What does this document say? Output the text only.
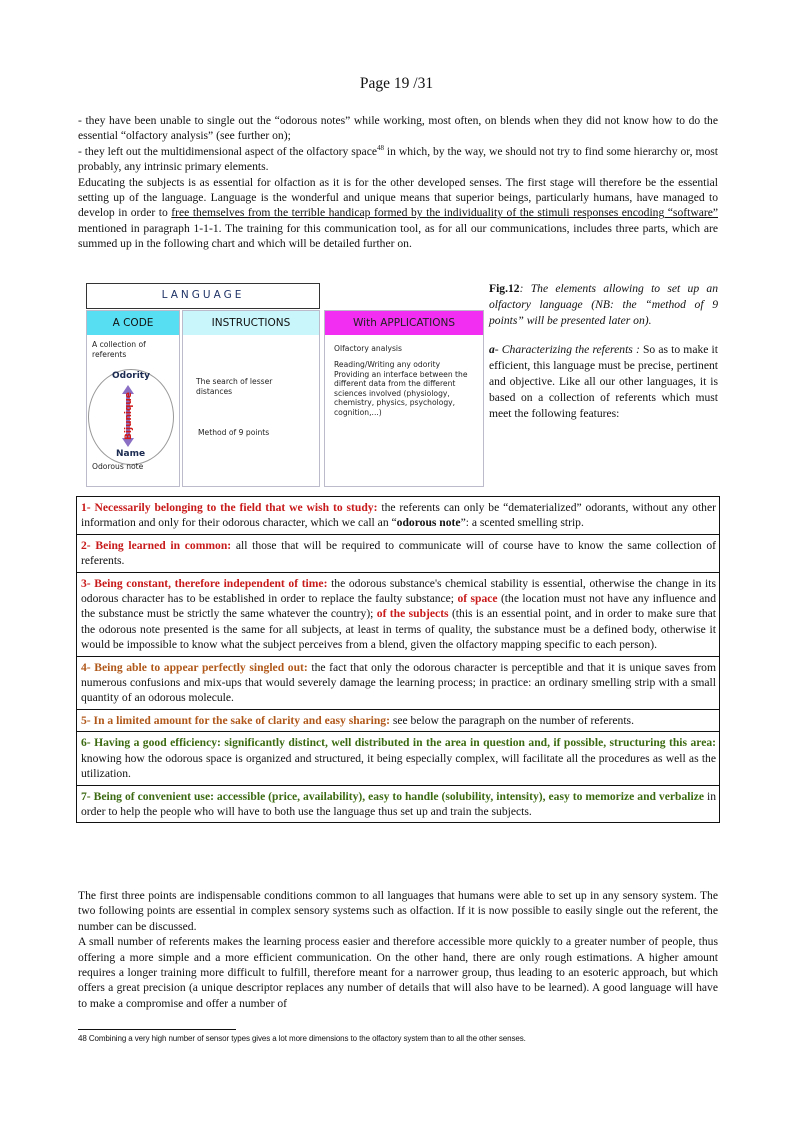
Page 19 /31
- they have been unable to single out the “odorous notes” while working, most often, on blends when they did not know how to do the essential “olfactory analysis” (see further on);
- they left out the multidimensional aspect of the olfactory space$^{48}$ in which, by the way, we should not try to find some hierarchy or, most probably, any intrinsic primary elements.
Educating the subjects is as essential for olfaction as it is for the other developed senses. The first stage will therefore be the essential setting up of the language. Language is the wonderful and unique means that superior beings, particularly humans, have managed to develop in order to free themselves from the terrible handicap formed by the individuality of the stimuli responses encoding “software” mentioned in paragraph 1-1-1. The training for this communication tool, as for all our communications, includes three parts, which are summed up in the following chart and which will be detailed further on.
LANGUAGE
A CODE	INSTRUCTIONS	With APPLICATIONS
A collection of referents
Odority
Bijunique
Name
Odorous note
The search of lesser distances
Method of 9 points
Olfactory analysis
Reading/Writing any odority Providing an interface between the different data from the different sciences involved (physiology, chemistry, physics, psychology, cognition,...)
Fig.12: The elements allowing to set up an olfactory language (NB: the “method of 9 points” will be presented later on).
a- Characterizing the referents : So as to make it efficient, this language must be precise, pertinent and objective. Like all our other languages, it is based on a collection of referents which must meet the following features:
1- Necessarily belonging to the field that we wish to study: the referents can only be “dematerialized” odorants, without any other information and only for their odorous character, which we call an “odorous note”: a scented smelling strip.
2- Being learned in common: all those that will be required to communicate will of course have to know the same collection of referents.
3- Being constant, therefore independent of time: the odorous substance's chemical stability is essential, otherwise the change in its odorous character has to be established in order to replace the faulty substance; of space (the location must not have any influence and the substance must be strictly the same whatever the country); of the subjects (this is an essential point, and in order to make sure that the odorous note presented is the same for all subjects, at least in terms of quality, the substance must be a defined body, otherwise it would be impossible to know what the subject perceives from a blend, given the olfactory mapping specific to each person).
4- Being able to appear perfectly singled out: the fact that only the odorous character is perceptible and that it is unique saves from numerous confusions and mix-ups that would severely damage the learning process; in practice: an ordinary smelling strip with a small quantity of an odorous molecule.
5- In a limited amount for the sake of clarity and easy sharing: see below the paragraph on the number of referents.
6- Having a good efficiency: significantly distinct, well distributed in the area in question and, if possible, structuring this area: knowing how the odorous space is organized and structured, it being especially complex, will facilitate all the procedures as well as the utilization.
7- Being of convenient use: accessible (price, availability), easy to handle (solubility, intensity), easy to memorize and verbalize in order to help the people who will have to both use the language thus set up and train the subjects.
The first three points are indispensable conditions common to all languages that humans were able to set up in any sensory system. The two following points are essential in complex sensory systems such as olfaction. If it is now possible to easily single out the referent, the number can be discussed.
A small number of referents makes the learning process easier and therefore accessible more quickly to a greater number of people, thus offering a more simple and a more efficient communication. On the other hand, there are only rough estimations. A higher amount requires a longer training more difficult to fulfill, therefore meant for a narrower group, thus leading to an esoteric approach, but which offers a great precision (a unique descriptor replaces any number of details that will also have to be learned). A good language will have to make a compromise and offer a number of
48 Combining a very high number of sensor types gives a lot more dimensions to the olfactory system than to all the other senses.
